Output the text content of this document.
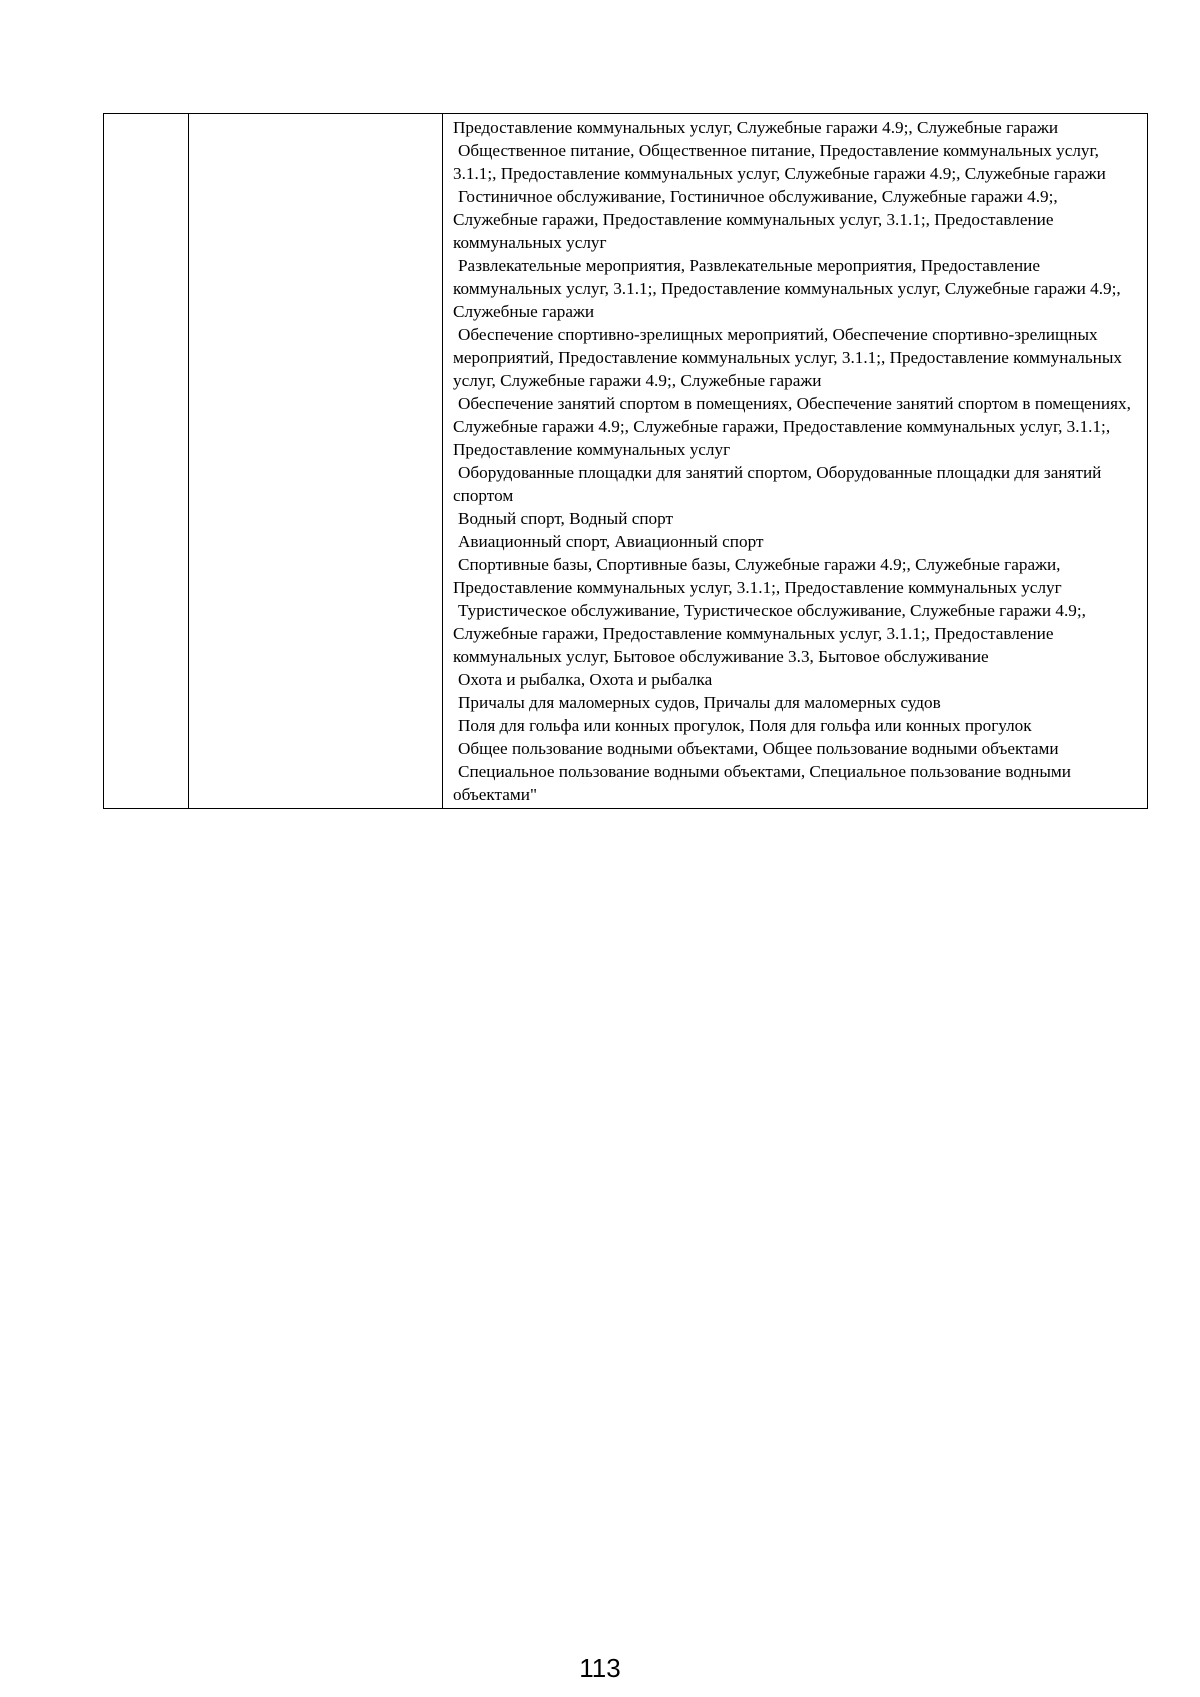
Предоставление коммунальных услуг, Служебные гаражи 4.9;, Служебные гаражи

Общественное питание, Общественное питание, Предоставление коммунальных услуг, 3.1.1;, Предоставление коммунальных услуг, Служебные гаражи 4.9;, Служебные гаражи

Гостиничное обслуживание, Гостиничное обслуживание, Служебные гаражи 4.9;, Служебные гаражи, Предоставление коммунальных услуг, 3.1.1;, Предоставление коммунальных услуг

Развлекательные мероприятия, Развлекательные мероприятия, Предоставление коммунальных услуг, 3.1.1;, Предоставление коммунальных услуг, Служебные гаражи 4.9;, Служебные гаражи

Обеспечение спортивно-зрелищных мероприятий, Обеспечение спортивно-зрелищных мероприятий, Предоставление коммунальных услуг, 3.1.1;, Предоставление коммунальных услуг, Служебные гаражи 4.9;, Служебные гаражи

Обеспечение занятий спортом в помещениях, Обеспечение занятий спортом в помещениях, Служебные гаражи 4.9;, Служебные гаражи, Предоставление коммунальных услуг, 3.1.1;, Предоставление коммунальных услуг

Оборудованные площадки для занятий спортом, Оборудованные площадки для занятий спортом

Водный спорт, Водный спорт

Авиационный спорт, Авиационный спорт

Спортивные базы, Спортивные базы, Служебные гаражи 4.9;, Служебные гаражи, Предоставление коммунальных услуг, 3.1.1;, Предоставление коммунальных услуг

Туристическое обслуживание, Туристическое обслуживание, Служебные гаражи 4.9;, Служебные гаражи, Предоставление коммунальных услуг, 3.1.1;, Предоставление коммунальных услуг, Бытовое обслуживание 3.3, Бытовое обслуживание

Охота и рыбалка, Охота и рыбалка

Причалы для маломерных судов, Причалы для маломерных судов

Поля для гольфа или конных прогулок, Поля для гольфа или конных прогулок

Общее пользование водными объектами, Общее пользование водными объектами

Специальное пользование водными объектами, Специальное пользование водными объектами"

113
